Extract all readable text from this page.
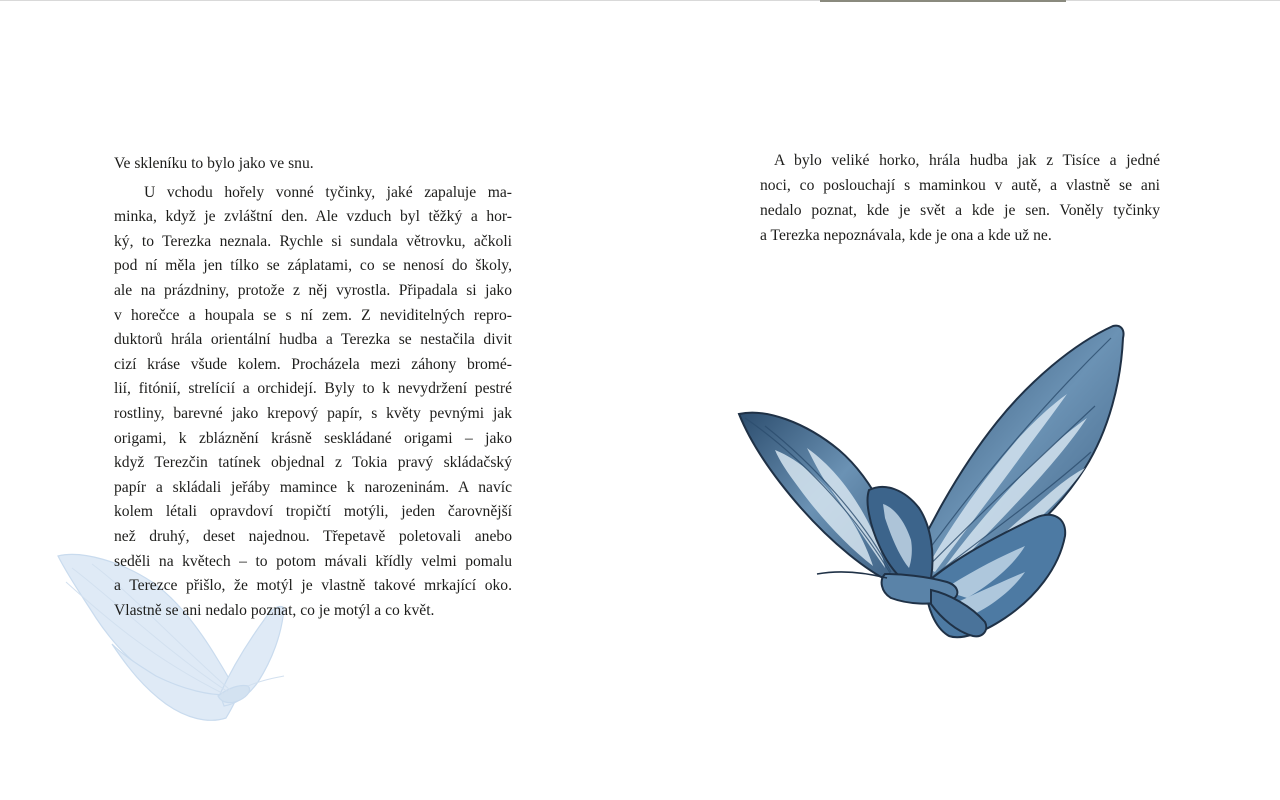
Ve skleníku to bylo jako ve snu.

U vchodu hořely vonné tyčinky, jaké zapaluje ma-
minka, když je zvláštní den. Ale vzduch byl těžký a hor-
ký, to Terezka neznala. Rychle si sundala větrovku, ačkoli
pod ní měla jen tílko se záplatami, co se nenosí do školy,
ale na prázdniny, protože z něj vyrostla. Připadala si jako
v horečce a houpala se s ní zem. Z neviditelných repro-
duktorů hrála orientální hudba a Terezka se nestačila divit
cizí kráse všude kolem. Procházela mezi záhony bromé-
lií, fitónií, strelícií a orchidejí. Byly to k nevydržení pestré
rostliny, barevné jako krepový papír, s květy pevnými jak
origami, k zbláznění krásně seskládané origami – jako
když Terezčin tatínek objednal z Tokia pravý skládačský
papír a skládali jeřáby mamince k narozeninám. A navíc
kolem létali opravdoví tropičtí motýli, jeden čarovnější
než druhý, deset najednou. Třepetavě poletovali anebo
seděli na květech – to potom mávali křídly velmi pomalu
a Terezce přišlo, že motýl je vlastně takové mrkající oko.
Vlastně se ani nedalo poznat, co je motýl a co květ.

A bylo veliké horko, hrála hudba jak z Tisíce a jedné
noci, co poslouchají s maminkou v autě, a vlastně se ani
nedalo poznat, kde je svět a kde je sen. Voněly tyčinky
a Terezka nepoznávala, kde je ona a kde už ne.
